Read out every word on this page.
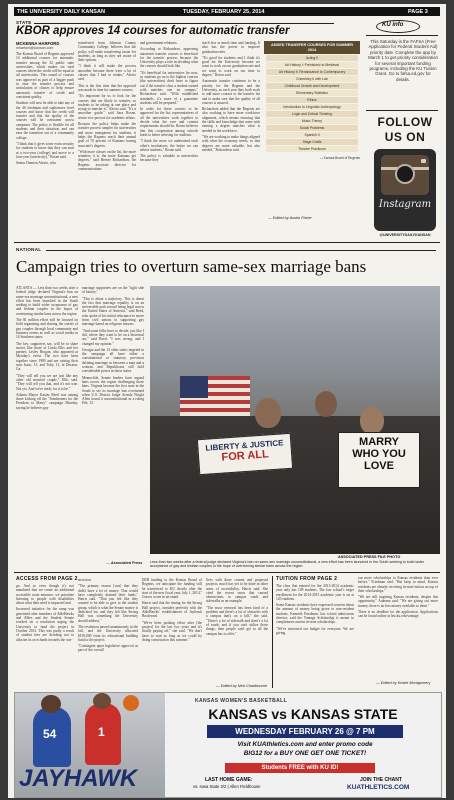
THE UNIVERSITY DAILY KANSAN	TUESDAY, FEBRUARY 25, 2014	PAGE 3
STATE
KBOR approves 14 courses for automatic transfer
MCKENNA HARFORD
mharford@kansan.com

The Kansas Board of Regents approved 14 additional courses for automatic transfer among the 32 public state universities, which makes six total courses where the credit will be equal at all universities. This round of courses was approved as part of a bigger push to ease the transfer process and articulation of classes to help ensure automatic transfer of credit and consistent quality.

Students will now be able to take any of the 46 freshman and sophomore level courses and know that the credit will transfer and that the quality of the courses will be consistent across campuses. The policy is flexible for all students and their situation, and can ease the transition out of a community college.

"I think that it gives some extra security for students to know that they can start at a two-year (college) and move to a four-year (university)," Rosen said.

Senior Damien Alexio, who

transferred from Johnson County Community College, believes that the policy will make transferring easier for students, as long as they are aware of their options.

"I think it will make the process smoother because there were a lot of classes that I had to retake," Alexio said.

This is the first time that the approval was made in time for summer courses.

"It's important for us to look for the courses that are likely to transfer, so students to be taking at one place and trying to transfer it," Alexio said. "It's a smoother guide," said Sara Rosen, senior vice provost for academic affairs.

Because the policy helps make the transfer process simpler for universities and more transparent for students, it helps the Regents reach their annual goal of 70 percent of Kansans having associate's degrees.

"With more classes on the list, the more seamless it is, the more Kansans get degrees," said Breeze Richardson, the Regents associate director for communications

and government relations.

According to Richardson, approving automatic transfer courses is beneficial for the transfer process because the University plays a role in deciding what the courses should look like.

"It's beneficial for universities for now, so students go on to the highest courses (the universities) don't have to figure out if the transfer class a student earned with matches one on campus," Richardson said. "With established standards, it's more of a guarantee students will be prepared."

In order for these courses to be approved for the list, representatives of all the universities work together to decide what the core and content requirements should be. Rosen believes that this cooperation among schools leads to better advising for students.

"I think the more we understand each other's institutions, the better we can advise students," Rosen said.

The policy is valuable to universities because they

teach less as much time and funding. It also has the power to improve graduation rates.

"It's good for students and I think it's good for the University because we want to work on our graduation rate and we want to work on our time to degree," Rosen said.

Automatic transfer continues to be a priority for the Regents and the University, as each year they both work to add more courses to the transfer list and to make sure that the quality of all courses is assured.

Richardson added that the Regents are also working to have more workforce alignment, which means ensuring that the skills and knowledge that come with earning a degree matches what is needed in the workforce.

"We are working to make things aligned with what the economy needs, so that degrees are more valuable, but also needed," Richardson said.

ADDED TRANSFER COURSES FOR SUMMER 2014
Acting II
Art History I: Prehistoric to Medieval
Art History II: Renaissance to Contemporary
Chemistry II with Lab
Childhood Growth and Development
Elementary Statistics
Ethics
Introduction to Linguistic Anthropology
Logic and Critical Thinking
Music Theory
Social Problems
Spanish II
Stage Crafts
Theatre Practicum
— Kansas Board of Regents
— Edited by Austin Fisher
KU info
This Saturday is the FAFSA (Free Application for Federal Student Aid) priority date. Complete the app by March 1 to get priority consideration for several important funding programs, including the KU Tuition Grant. Go to fafsa.ed.gov for details.
FOLLOW
US ON
Instagram
@UNIVERSITYDAILYKANSAN
NATIONAL
Campaign tries to overturn same-sex marriage bans

ATLANTA — Less than two weeks after a federal judge declared Virginia's ban on same-sex marriage unconstitutional, a new effort has been launched in the South seeking to build wider acceptance of gay and lesbian couples in the hopes of overturning similar bans across the region.

The $1 million effort will be focused on field organizing and sharing the stories of gay couples through local community and business events as well as social media in 14 Southern states.

The key, supporters say, will be to share stories like those of Linda Ellis and her partner, Lesley Brogan, who appeared at Monday's event. The two have been together since 1989 and are raising their sons Isaac, 13, and Toby, 11, in Decatur, Ga.

"They will tell you we are just like any other old married couple," Ellis said. "They will tell you that, and it's not true. Not yet. And we're ready for it to be."

Atlanta Mayor Kasim Reed was among those kicking off the "Southerners for the Freedom to Marry" campaign Monday, saying he believes gay

marriage supporters are on the "right side of history."

"This is about a trajectory. This is about the fact that marriage equality is on an irreversible path toward being legal across the United States of America," said Reed, who spoke of his initial reluctance to move from civil unions to supporting gay marriage based on religious reasons.

"And some folks have to decide, just like I did, where they want to be on a historical arc," said Reed. "I was wrong, and I changed my opinion."

Georgia and the 13 other states targeted in the campaign all have either a constitutional or statutory provision defining marriage as between a man and a woman, and Republicans still hold considerable power in those states.

Meanwhile, Senate leaders have argued bans across the region challenging those bans. Virginia became the first state in the South to see its marriage ban overturned when U.S. District Judge Arenda Wright Allen found it unconstitutional in a ruling Feb. 13.

— Associated Press
LIBERTY & JUSTICE
FOR ALL
MARRY
WHO YOU
LOVE
ASSOCIATED PRESS FILE PHOTO
Less than two weeks after a federal judge declared Virginia's ban on same-sex marriage unconstitutional, a new effort has been launched in the South seeking to build wider acceptance of gay and lesbian couples in the hope of overturning similar bans across the region.
ACCESS FROM PAGE 2

go. And so even though it's not mandated that we create an additional accessible route entrance, we prioritize listening to people with disabilities about what their need is impacted and.

Increased initiative for the ramp was generated after members of AbleHawks and Allies and the Student Senate worked on a resolution urging the University to fund the project in October 2013. This was partly a result of student fees are deciding not to allocate its own funds towards the con-

struction.

"The primary reason [was] that they didn't have a lot of money. That would have completely drained their funds," Harris said. "That just felt like they wanted to be able to give to the student group, which is what the Senate money is dedicated for, and they felt like Strong Hall was something the University should address."

The resolution passed unanimously in the fall, and the University allocated $195,000 from its educational building fund to the project.

"Contingent upon legislative approval as part of the overall

ERB funding to the Kansas Board of Regents, we anticipate the funding will be transferred to KU shortly after the start of the new fiscal year, July 1, 2014," Graves wrote in an email.

Harris said that the timing for the Strong Hall project, consider perfectly with the AbleHawks' establishment of Jayhawk Boulevard.

"We've been pushing effort after [the project] for the last two years and it's finally paying off," she said. "We don't have to wait as long as we could by doing construction this summer."

lives with these current and proposed projects, much has yet to be done in other areas of accessibility, Harris said. She cited the recent snow that caused obstructions to campus roads and sidewalks as an example.

"The snow removal has been kind of a problem and there's a lot of obstacles with a campus that's on a hill," she said. "There's a lot of sidewalk and there's a lot of roads, and if you can't utilize those things, then people can't get to all the campus has to offer."

— Edited by Nick Chadbourne
TUITION FROM PAGE 2

The class that entered for the 2013-2014 academic year only has 109 students. The law school's target enrollment for the 2014-2015 academic year is set at 120 students.

Some Kansas residents have expressed concern about the amount of money being given to non-resident students. Kenneth Friedman, law school admissions director, said the Vantage Scholarship is meant to complement current in-state scholarships.

"We've increased our budget for everyone. We are giving

out more scholarships to Kansas residents than ever before," Friedman said. "But keep in mind, Kansas residents are already receiving in-state tuition on top of their scholarships."

"We are still targeting Kansas residents, despite this opportunity," Aukema said. "We are giving out more money, there is no less money available to them."

There is no deadline for the application. Applications can be found online at law.ku.edu/vantage.

— Edited by Kristie Montgomery
54	1
JAYHAWK
KANSAS WOMEN'S BASKETBALL
KANSAS vs KANSAS STATE
WEDNESDAY FEBRUARY 26 @ 7 PM
Visit KUAthletics.com and enter promo code
BIG12 for a BUY ONE GET ONE TICKET!
Students FREE with KU ID!
LAST HOME GAME:
vs. Iowa State 3/2 | Allen Fieldhouse
JOIN THE CHANT
KUATHLETICS.COM
